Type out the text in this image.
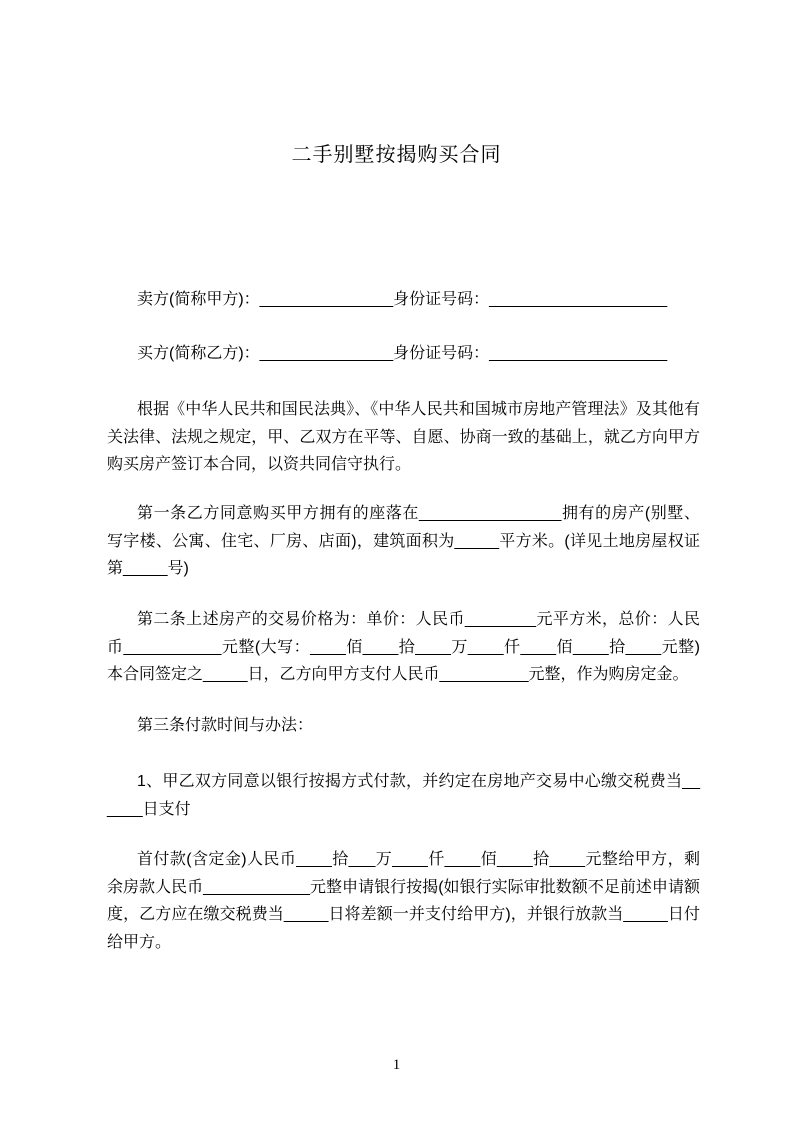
二手别墅按揭购买合同

卖方(简称甲方)：_______________身份证号码：____________________

买方(简称乙方)：_______________身份证号码：____________________

根据《中华人民共和国民法典》、《中华人民共和国城市房地产管理法》及其他有关法律、法规之规定，甲、乙双方在平等、自愿、协商一致的基础上，就乙方向甲方购买房产签订本合同，以资共同信守执行。

第一条乙方同意购买甲方拥有的座落在________________拥有的房产(别墅、写字楼、公寓、住宅、厂房、店面)，建筑面积为_____平方米。(详见土地房屋权证第_____号)

第二条上述房产的交易价格为：单价：人民币________元平方米，总价：人民币___________元整(大写：____佰____拾____万____仟____佰____拾____元整)本合同签定之_____日，乙方向甲方支付人民币__________元整，作为购房定金。

第三条付款时间与办法：

1、甲乙双方同意以银行按揭方式付款，并约定在房地产交易中心缴交税费当______日支付

首付款(含定金)人民币____拾___万____仟____佰____拾____元整给甲方，剩余房款人民币____________元整申请银行按揭(如银行实际审批数额不足前述申请额度，乙方应在缴交税费当_____日将差额一并支付给甲方)，并银行放款当_____日付给甲方。

1
